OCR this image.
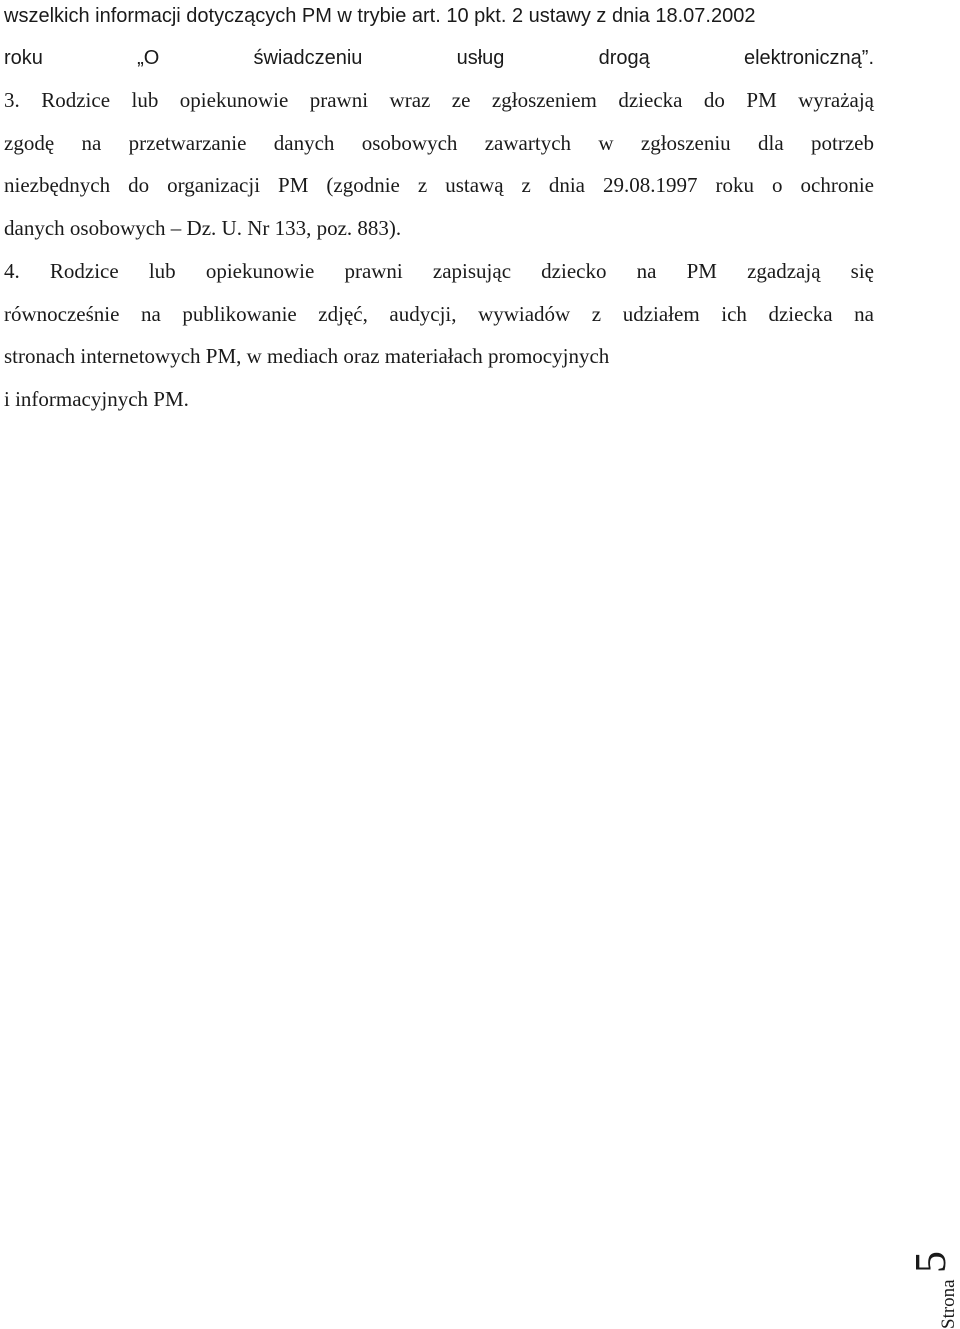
wszelkich informacji dotyczących PM w trybie art. 10 pkt. 2 ustawy z dnia 18.07.2002
roku „O świadczeniu usług drogą elektroniczną”.
3. Rodzice lub opiekunowie prawni wraz ze zgłoszeniem dziecka do PM wyrażają
zgodę na przetwarzanie danych osobowych zawartych w zgłoszeniu dla potrzeb
niezbędnych do organizacji PM (zgodnie z ustawą z dnia 29.08.1997 roku o ochronie
danych osobowych – Dz. U. Nr 133, poz. 883).
4. Rodzice lub opiekunowie prawni zapisując dziecko na PM zgadzają się
równocześnie na publikowanie zdjęć, audycji, wywiadów z udziałem ich dziecka na
stronach internetowych PM, w mediach oraz materiałach promocyjnych
i informacyjnych PM.
Strona
5
